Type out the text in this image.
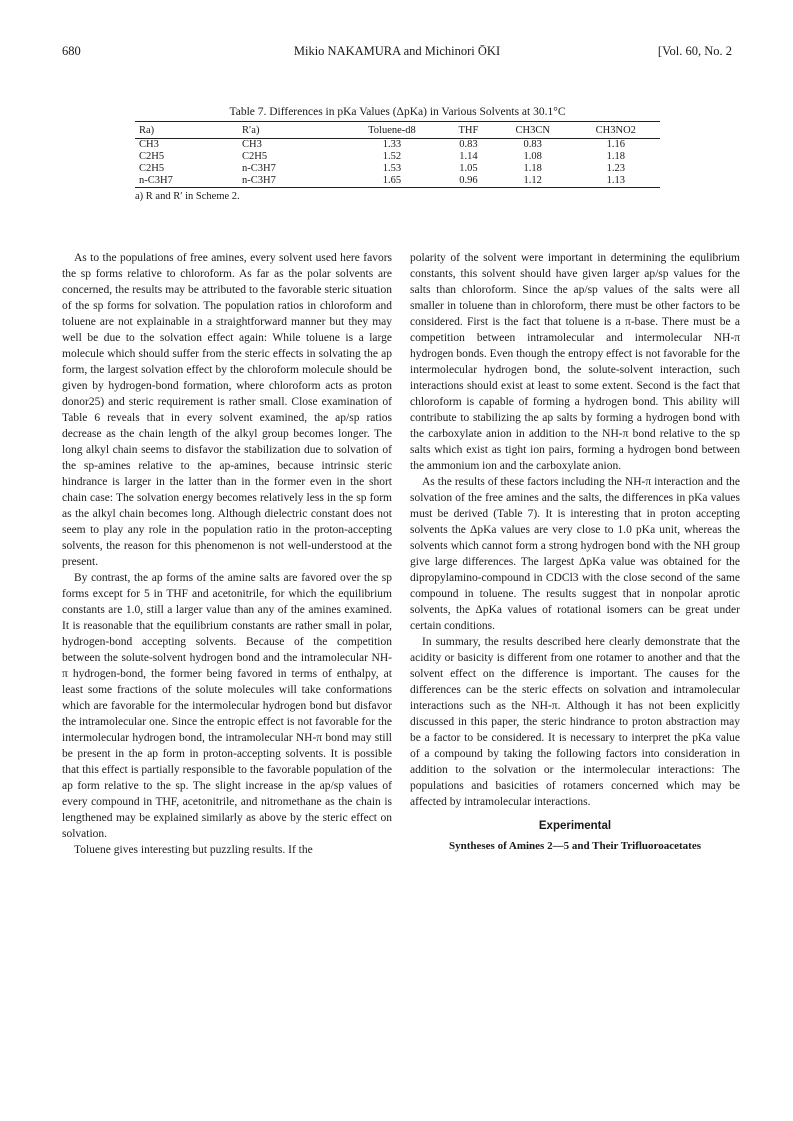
680	Mikio NAKAMURA and Michinori ŌKI	[Vol. 60, No. 2
Table 7. Differences in pKa Values (ΔpKa) in Various Solvents at 30.1°C
Ra)	R′a)	Toluene-d8	THF	CH3CN	CH3NO2
CH3	CH3	1.33	0.83	0.83	1.16
C2H5	C2H5	1.52	1.14	1.08	1.18
C2H5	n-C3H7	1.53	1.05	1.18	1.23
n-C3H7	n-C3H7	1.65	0.96	1.12	1.13
a) R and R′ in Scheme 2.

As to the populations of free amines, every solvent used here favors the sp forms relative to chloroform. As far as the polar solvents are concerned, the results may be attributed to the favorable steric situation of the sp forms for solvation. The population ratios in chloroform and toluene are not explainable in a straightforward manner but they may well be due to the solvation effect again: While toluene is a large molecule which should suffer from the steric effects in solvating the ap form, the largest solvation effect by the chloroform molecule should be given by hydrogen-bond formation, where chloroform acts as proton donor25) and steric requirement is rather small. Close examination of Table 6 reveals that in every solvent examined, the ap/sp ratios decrease as the chain length of the alkyl group becomes longer. The long alkyl chain seems to disfavor the stabilization due to solvation of the sp-amines relative to the ap-amines, because intrinsic steric hindrance is larger in the latter than in the former even in the short chain case: The solvation energy becomes relatively less in the sp form as the alkyl chain becomes long. Although dielectric constant does not seem to play any role in the population ratio in the proton-accepting solvents, the reason for this phenomenon is not well-understood at the present.

By contrast, the ap forms of the amine salts are favored over the sp forms except for 5 in THF and acetonitrile, for which the equilibrium constants are 1.0, still a larger value than any of the amines examined. It is reasonable that the equilibrium constants are rather small in polar, hydrogen-bond accepting solvents. Because of the competition between the solute-solvent hydrogen bond and the intramolecular NH-π hydrogen-bond, the former being favored in terms of enthalpy, at least some fractions of the solute molecules will take conformations which are favorable for the intermolecular hydrogen bond but disfavor the intramolecular one. Since the entropic effect is not favorable for the intermolecular hydrogen bond, the intramolecular NH-π bond may still be present in the ap form in proton-accepting solvents. It is possible that this effect is partially responsible to the favorable population of the ap form relative to the sp. The slight increase in the ap/sp values of every compound in THF, acetonitrile, and nitromethane as the chain is lengthened may be explained similarly as above by the steric effect on solvation.

Toluene gives interesting but puzzling results. If the

polarity of the solvent were important in determining the equlibrium constants, this solvent should have given larger ap/sp values for the salts than chloroform. Since the ap/sp values of the salts were all smaller in toluene than in chloroform, there must be other factors to be considered. First is the fact that toluene is a π-base. There must be a competition between intramolecular and intermolecular NH-π hydrogen bonds. Even though the entropy effect is not favorable for the intermolecular hydrogen bond, the solute-solvent interaction, such interactions should exist at least to some extent. Second is the fact that chloroform is capable of forming a hydrogen bond. This ability will contribute to stabilizing the ap salts by forming a hydrogen bond with the carboxylate anion in addition to the NH-π bond relative to the sp salts which exist as tight ion pairs, forming a hydrogen bond between the ammonium ion and the carboxylate anion.

As the results of these factors including the NH-π interaction and the solvation of the free amines and the salts, the differences in pKa values must be derived (Table 7). It is interesting that in proton accepting solvents the ΔpKa values are very close to 1.0 pKa unit, whereas the solvents which cannot form a strong hydrogen bond with the NH group give large differences. The largest ΔpKa value was obtained for the dipropylamino-compound in CDCl3 with the close second of the same compound in toluene. The results suggest that in nonpolar aprotic solvents, the ΔpKa values of rotational isomers can be great under certain conditions.

In summary, the results described here clearly demonstrate that the acidity or basicity is different from one rotamer to another and that the solvent effect on the difference is important. The causes for the differences can be the steric effects on solvation and intramolecular interactions such as the NH-π. Although it has not been explicitly discussed in this paper, the steric hindrance to proton abstraction may be a factor to be considered. It is necessary to interpret the pKa value of a compound by taking the following factors into consideration in addition to the solvation or the intermolecular interactions: The populations and basicities of rotamers concerned which may be affected by intramolecular interactions.

Experimental
Syntheses of Amines 2—5 and Their Trifluoroacetates
